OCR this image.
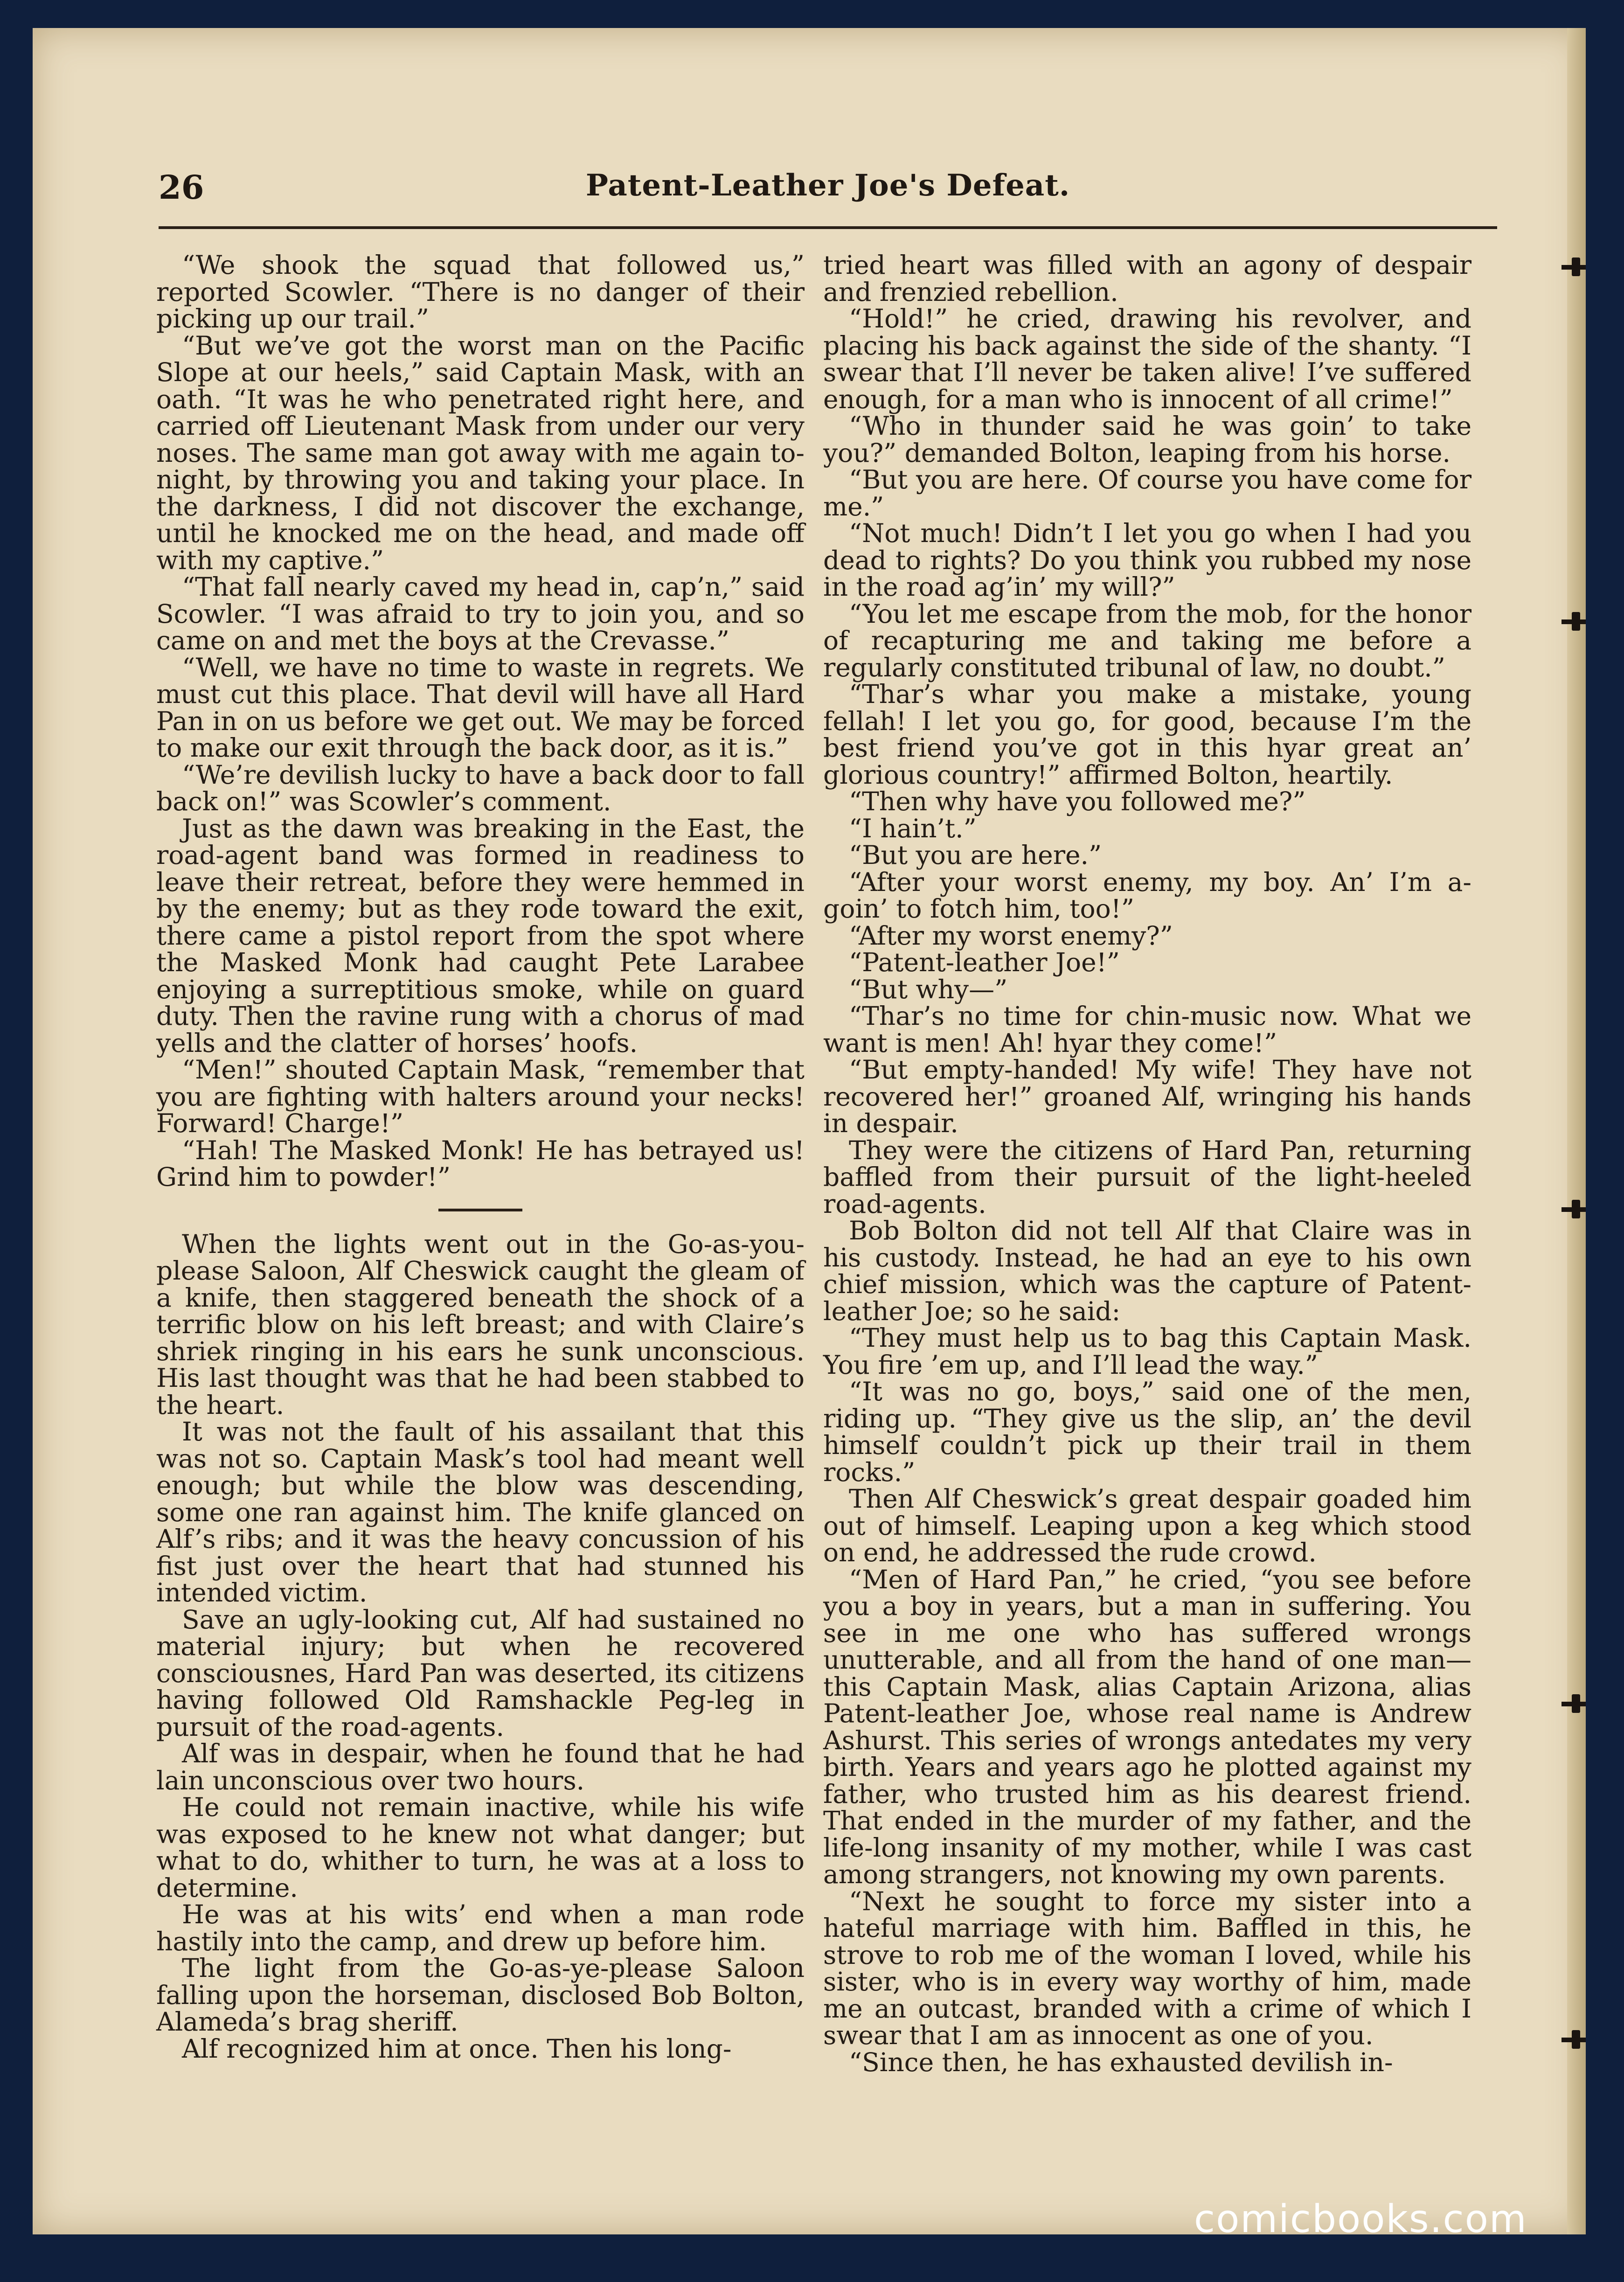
Patent-Leather Joe's Defeat.
26

“We shook the squad that followed us,” reported Scowler. “There is no danger of their picking up our trail.”

“But we’ve got the worst man on the Pacific Slope at our heels,” said Captain Mask, with an oath. “It was he who penetrated right here, and carried off Lieutenant Mask from under our very noses. The same man got away with me again to-night, by throwing you and taking your place. In the darkness, I did not discover the exchange, until he knocked me on the head, and made off with my captive.”

“That fall nearly caved my head in, cap’n,” said Scowler. “I was afraid to try to join you, and so came on and met the boys at the Crevasse.”

“Well, we have no time to waste in regrets. We must cut this place. That devil will have all Hard Pan in on us before we get out. We may be forced to make our exit through the back door, as it is.”

“We’re devilish lucky to have a back door to fall back on!” was Scowler’s comment.

Just as the dawn was breaking in the East, the road-agent band was formed in readiness to leave their retreat, before they were hemmed in by the enemy; but as they rode toward the exit, there came a pistol report from the spot where the Masked Monk had caught Pete Larabee enjoying a surreptitious smoke, while on guard duty. Then the ravine rung with a chorus of mad yells and the clatter of horses’ hoofs.

“Men!” shouted Captain Mask, “remember that you are fighting with halters around your necks! Forward! Charge!”

“Hah! The Masked Monk! He has betrayed us! Grind him to powder!”

When the lights went out in the Go-as-you-please Saloon, Alf Cheswick caught the gleam of a knife, then staggered beneath the shock of a terrific blow on his left breast; and with Claire’s shriek ringing in his ears he sunk unconscious. His last thought was that he had been stabbed to the heart.

It was not the fault of his assailant that this was not so. Captain Mask’s tool had meant well enough; but while the blow was descending, some one ran against him. The knife glanced on Alf’s ribs; and it was the heavy concussion of his fist just over the heart that had stunned his intended victim.

Save an ugly-looking cut, Alf had sustained no material injury; but when he recovered consciousnes, Hard Pan was deserted, its citizens having followed Old Ramshackle Peg-leg in pursuit of the road-agents.

Alf was in despair, when he found that he had lain unconscious over two hours.

He could not remain inactive, while his wife was exposed to he knew not what danger; but what to do, whither to turn, he was at a loss to determine.

He was at his wits’ end when a man rode hastily into the camp, and drew up before him.

The light from the Go-as-ye-please Saloon falling upon the horseman, disclosed Bob Bolton, Alameda’s brag sheriff.

Alf recognized him at once. Then his long-

tried heart was filled with an agony of despair and frenzied rebellion.

“Hold!” he cried, drawing his revolver, and placing his back against the side of the shanty. “I swear that I’ll never be taken alive! I’ve suffered enough, for a man who is innocent of all crime!”

“Who in thunder said he was goin’ to take you?” demanded Bolton, leaping from his horse.

“But you are here. Of course you have come for me.”

“Not much! Didn’t I let you go when I had you dead to rights? Do you think you rubbed my nose in the road ag’in’ my will?”

“You let me escape from the mob, for the honor of recapturing me and taking me before a regularly constituted tribunal of law, no doubt.”

“Thar’s whar you make a mistake, young fellah! I let you go, for good, because I’m the best friend you’ve got in this hyar great an’ glorious country!” affirmed Bolton, heartily.

“Then why have you followed me?”

“I hain’t.”

“But you are here.”

“After your worst enemy, my boy. An’ I’m a-goin’ to fotch him, too!”

“After my worst enemy?”

“Patent-leather Joe!”

“But why—”

“Thar’s no time for chin-music now. What we want is men! Ah! hyar they come!”

“But empty-handed! My wife! They have not recovered her!” groaned Alf, wringing his hands in despair.

They were the citizens of Hard Pan, returning baffled from their pursuit of the light-heeled road-agents.

Bob Bolton did not tell Alf that Claire was in his custody. Instead, he had an eye to his own chief mission, which was the capture of Patent-leather Joe; so he said:

“They must help us to bag this Captain Mask. You fire ’em up, and I’ll lead the way.”

“It was no go, boys,” said one of the men, riding up. “They give us the slip, an’ the devil himself couldn’t pick up their trail in them rocks.”

Then Alf Cheswick’s great despair goaded him out of himself. Leaping upon a keg which stood on end, he addressed the rude crowd.

“Men of Hard Pan,” he cried, “you see before you a boy in years, but a man in suffering. You see in me one who has suffered wrongs unutterable, and all from the hand of one man—this Captain Mask, alias Captain Arizona, alias Patent-leather Joe, whose real name is Andrew Ashurst. This series of wrongs antedates my very birth. Years and years ago he plotted against my father, who trusted him as his dearest friend. That ended in the murder of my father, and the life-long insanity of my mother, while I was cast among strangers, not knowing my own parents.

“Next he sought to force my sister into a hateful marriage with him. Baffled in this, he strove to rob me of the woman I loved, while his sister, who is in every way worthy of him, made me an outcast, branded with a crime of which I swear that I am as innocent as one of you.

“Since then, he has exhausted devilish in-

comicbooks.com
